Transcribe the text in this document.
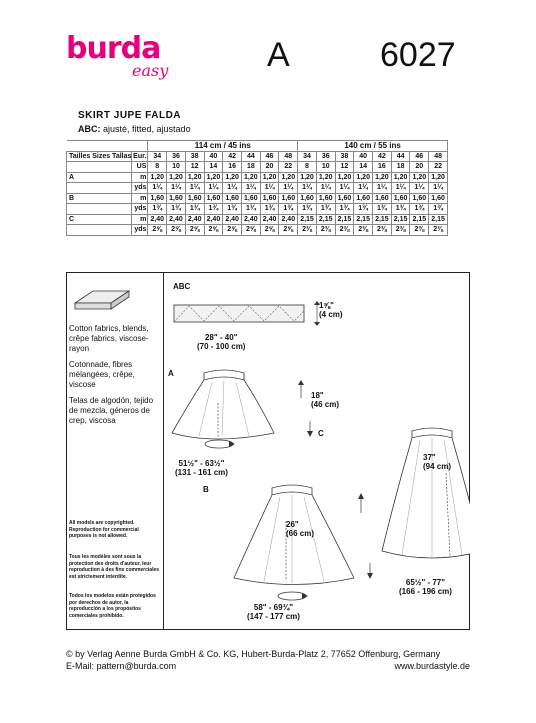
burda
easy	A	6027
SKIRT JUPE FALDA
ABC: ajusté, fitted, ajustado
		114 cm / 45 ins								140 cm / 55 ins							
Tailles Sizes Tallas	Eur.	34	36	38	40	42	44	46	48	34	36	38	40	42	44	46	48
	US	8	10	12	14	16	18	20	22	8	10	12	14	16	18	20	22
A	m	1,20	1,20	1,20	1,20	1,20	1,20	1,20	1,20	1,20	1,20	1,20	1,20	1,20	1,20	1,20	1,20
	yds	1¼	1¼	1¼	1¼	1¼	1¼	1¼	1¼	1¼	1¼	1¼	1¼	1¼	1¼	1¼	1¼
B	m	1,60	1,60	1,60	1,60	1,60	1,60	1,60	1,60	1,60	1,60	1,60	1,60	1,60	1,60	1,60	1,60
	yds	1¾	1¾	1¾	1¾	1¾	1¾	1¾	1¾	1¾	1¾	1¾	1¾	1¾	1¾	1¾	1¾
C	m	2,40	2,40	2,40	2,40	2,40	2,40	2,40	2,40	2,15	2,15	2,15	2,15	2,15	2,15	2,15	2,15
	yds	2⅝	2⅝	2⅝	2⅝	2⅝	2⅝	2⅝	2⅝	2⅜	2⅜	2⅜	2⅜	2⅜	2⅜	2⅜	2⅜
Cotton fabrics, blends, crêpe fabrics, viscose-rayon
Cotonnade, fibres mélangées, crêpe, viscose
Telas de algodón, tejido de mezcla, géneros de crep, viscosa
All models are copyrighted. Reproduction for commercial purposes is not allowed.
Tous les modèles sont sous la protection des droits d'auteur, leur reproduction à des fins commerciales est strictement interdite.
Todos los modelos están protegidos por derechos de autor, la reproducción a los propósitos comerciales prohibido.
ABC
1⅝"
(4 cm)
28" - 40"
(70 - 100 cm)
A
18"
(46 cm)
51½" - 63½"
(131 - 161 cm)
B
26"
(66 cm)
58" - 69¾"
(147 - 177 cm)
C
37"
(94 cm)
65½" - 77"
(166 - 196 cm)
© by Verlag Aenne Burda GmbH & Co. KG, Hubert-Burda-Platz 2, 77652 Offenburg, Germany
E-Mail: pattern@burda.com	www.burdastyle.de
